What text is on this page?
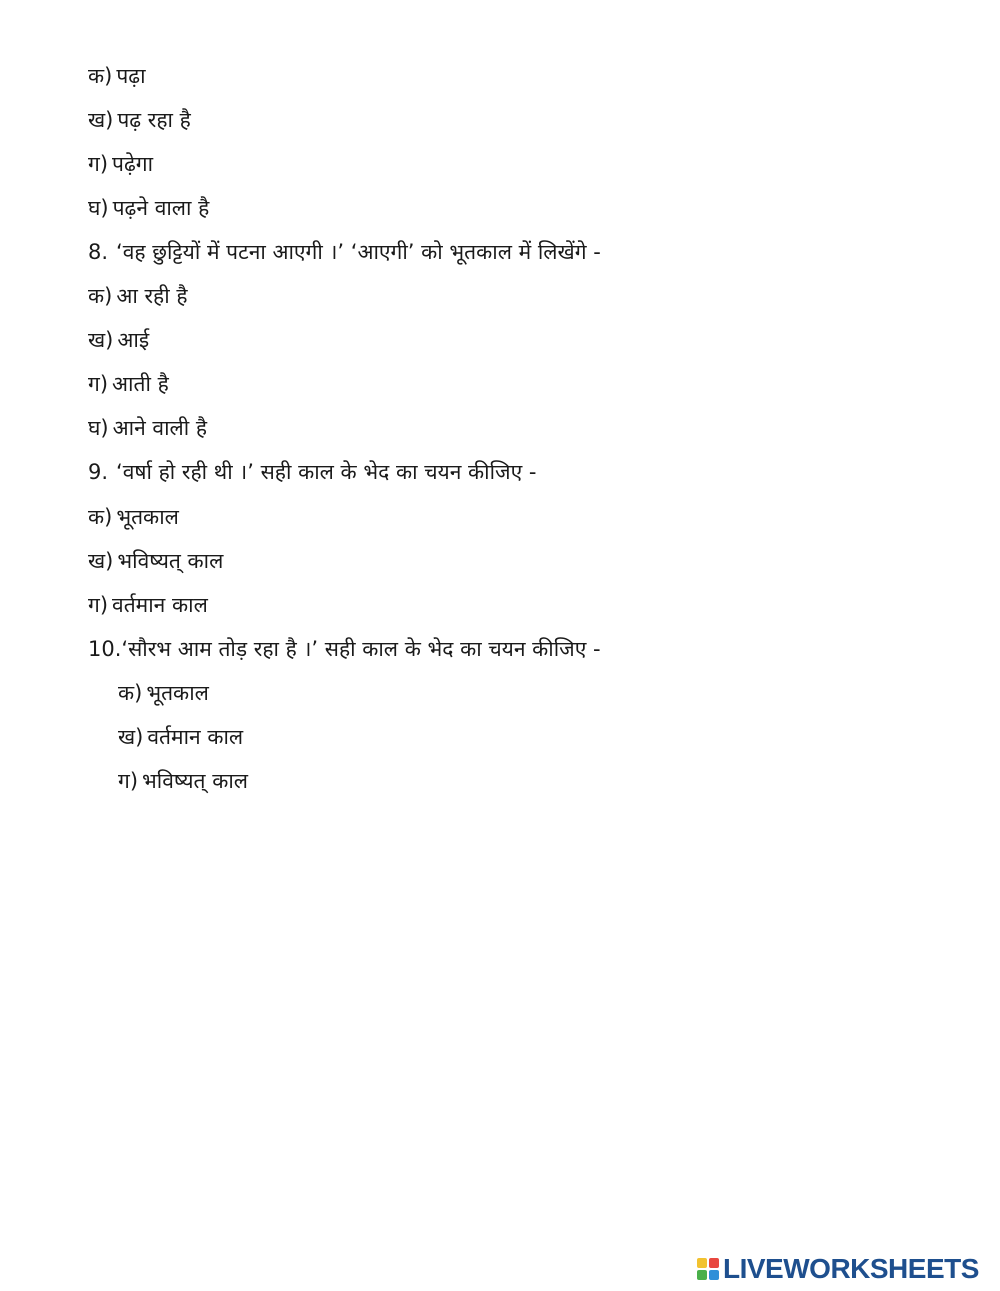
क) पढ़ा
ख) पढ़ रहा है
ग) पढ़ेगा
घ) पढ़ने वाला है
8. ‘वह छुट्टियों में पटना आएगी ।’ ‘आएगी’ को भूतकाल में लिखेंगे -
क) आ रही है
ख) आई
ग) आती है
घ) आने वाली है
9. ‘वर्षा हो रही थी ।’ सही काल के भेद का चयन कीजिए -
क) भूतकाल
ख) भविष्यत् काल
ग) वर्तमान काल
10.‘सौरभ आम तोड़ रहा है ।’ सही काल के भेद का चयन कीजिए -
क) भूतकाल
ख) वर्तमान काल
ग) भविष्यत् काल
LIVEWORKSHEETS
